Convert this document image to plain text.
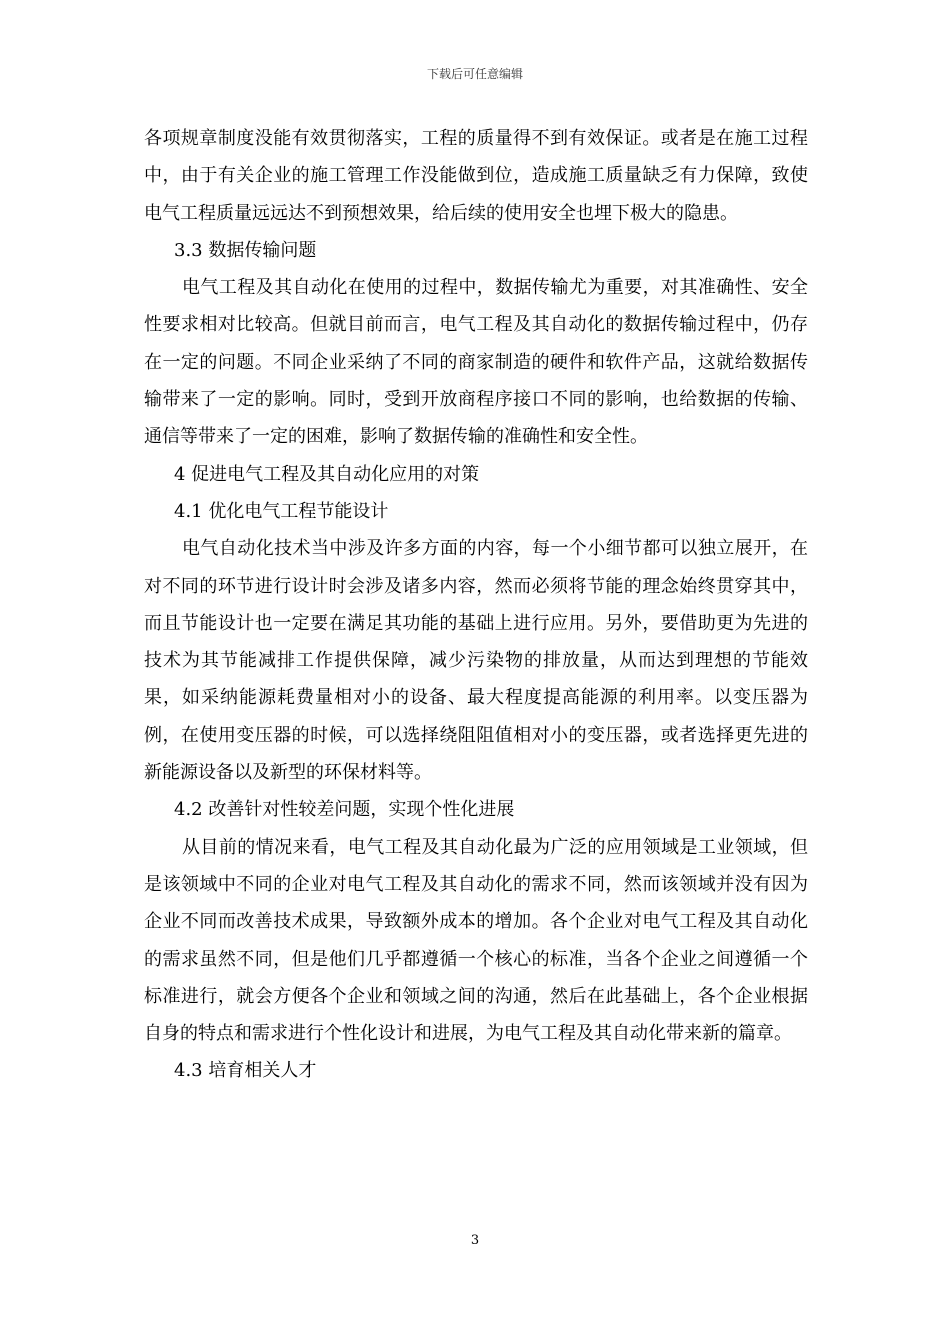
下载后可任意编辑

各项规章制度没能有效贯彻落实，工程的质量得不到有效保证。或者是在施工过程中，由于有关企业的施工管理工作没能做到位，造成施工质量缺乏有力保障，致使电气工程质量远远达不到预想效果，给后续的使用安全也埋下极大的隐患。

3.3 数据传输问题

电气工程及其自动化在使用的过程中，数据传输尤为重要，对其准确性、安全性要求相对比较高。但就目前而言，电气工程及其自动化的数据传输过程中，仍存在一定的问题。不同企业采纳了不同的商家制造的硬件和软件产品，这就给数据传输带来了一定的影响。同时，受到开放商程序接口不同的影响，也给数据的传输、通信等带来了一定的困难，影响了数据传输的准确性和安全性。

4 促进电气工程及其自动化应用的对策

4.1 优化电气工程节能设计

电气自动化技术当中涉及许多方面的内容，每一个小细节都可以独立展开，在对不同的环节进行设计时会涉及诸多内容，然而必须将节能的理念始终贯穿其中，而且节能设计也一定要在满足其功能的基础上进行应用。另外，要借助更为先进的技术为其节能减排工作提供保障，减少污染物的排放量，从而达到理想的节能效果，如采纳能源耗费量相对小的设备、最大程度提高能源的利用率。以变压器为例，在使用变压器的时候，可以选择绕阻阻值相对小的变压器，或者选择更先进的新能源设备以及新型的环保材料等。

4.2 改善针对性较差问题，实现个性化进展

从目前的情况来看，电气工程及其自动化最为广泛的应用领域是工业领域，但是该领域中不同的企业对电气工程及其自动化的需求不同，然而该领域并没有因为企业不同而改善技术成果，导致额外成本的增加。各个企业对电气工程及其自动化的需求虽然不同，但是他们几乎都遵循一个核心的标准，当各个企业之间遵循一个标准进行，就会方便各个企业和领域之间的沟通，然后在此基础上，各个企业根据自身的特点和需求进行个性化设计和进展，为电气工程及其自动化带来新的篇章。

4.3 培育相关人才

3
